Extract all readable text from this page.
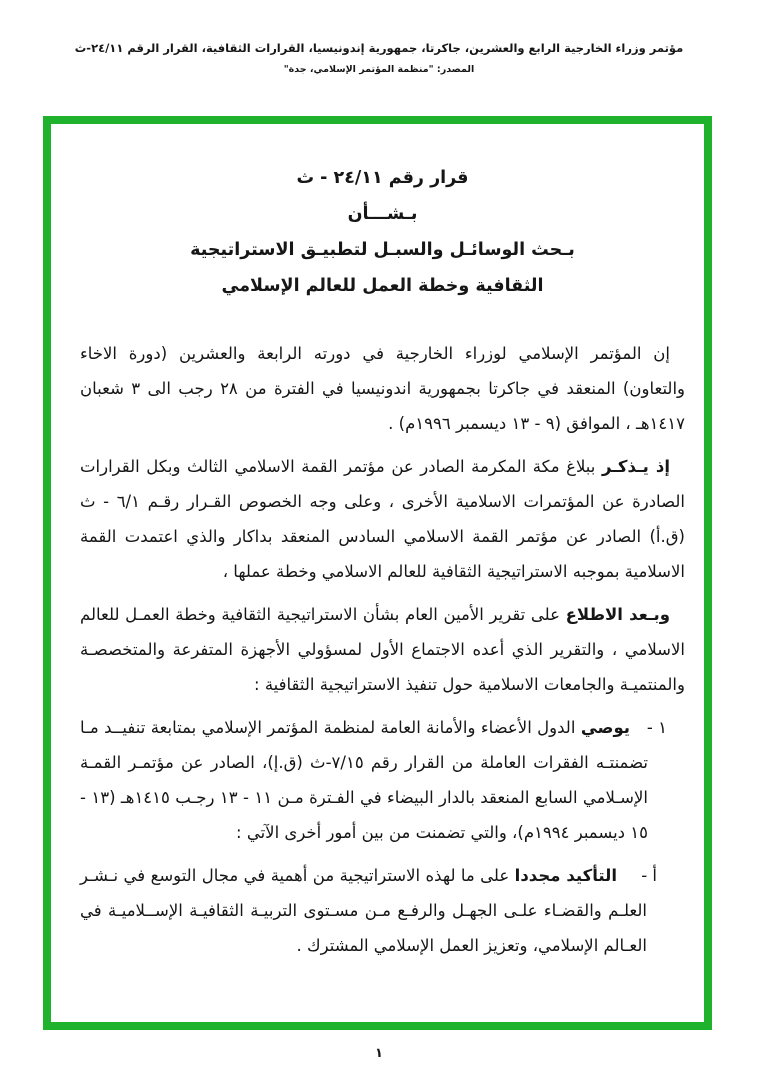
مؤتمر وزراء الخارجية الرابع والعشرين، جاكرتا، جمهورية إندونيسيا، القرارات الثقافية، القرار الرقم ٢٤/١١-ث
المصدر: "منظمة المؤتمر الإسلامي، جدة"
قرار رقم ٢٤/١١ - ث
بـشـــأن
بـحث الوسائـل والسبـل لتطبيـق الاستراتيجية
الثقافية وخطة العمل للعالم الإسلامي

إن المؤتمر الإسلامي لوزراء الخارجية في دورته الرابعة والعشرين (دورة الاخاء والتعاون) المنعقد في جاكرتا بجمهورية اندونيسيا في الفترة من ٢٨ رجب الى ٣ شعبان ١٤١٧هـ ، الموافق (٩ - ١٣ ديسمبر ١٩٩٦م) .

إذ يـذكـر ببلاغ مكة المكرمة الصادر عن مؤتمر القمة الاسلامي الثالث وبكل القرارات الصادرة عن المؤتمرات الاسلامية الأخرى ، وعلى وجه الخصوص القـرار رقـم ٦/١ - ث (ق.أ) الصادر عن مؤتمر القمة الاسلامي السادس المنعقد بداكار والذي اعتمدت القمة الاسلامية بموجبه الاستراتيجية الثقافية للعالم الاسلامي وخطة عملها ،

وبـعد الاطلاع على تقرير الأمين العام بشأن الاستراتيجية الثقافية وخطة العمـل للعالم الاسلامي ، والتقرير الذي أعده الاجتماع الأول لمسؤولي الأجهزة المتفرعة والمتخصصـة والمنتميـة والجامعات الاسلامية حول تنفيذ الاستراتيجية الثقافية :

١ -يوصي الدول الأعضاء والأمانة العامة لمنظمة المؤتمر الإسلامي بمتابعة تنفيــد مـا تضمنتـه الفقرات العاملة من القرار رقم ٧/١٥-ث (ق.إ)، الصادر عن مؤتمـر القمـة الإسـلامي السابع المنعقد بالدار البيضاء في الفـترة مـن ١١ - ١٣ رجـب ١٤١٥هـ (١٣ - ١٥ ديسمبر ١٩٩٤م)، والتي تضمنت من بين أمور أخرى الآتي :
أ -التأكيد مجددا على ما لهذه الاستراتيجية من أهمية في مجال التوسع في نـشـر العلـم والقضـاء علـى الجهـل والرفـع مـن مسـتوى التربيـة الثقافيـة الإســلاميـة في العـالم الإسلامي، وتعزيز العمل الإسلامي المشترك .
١
